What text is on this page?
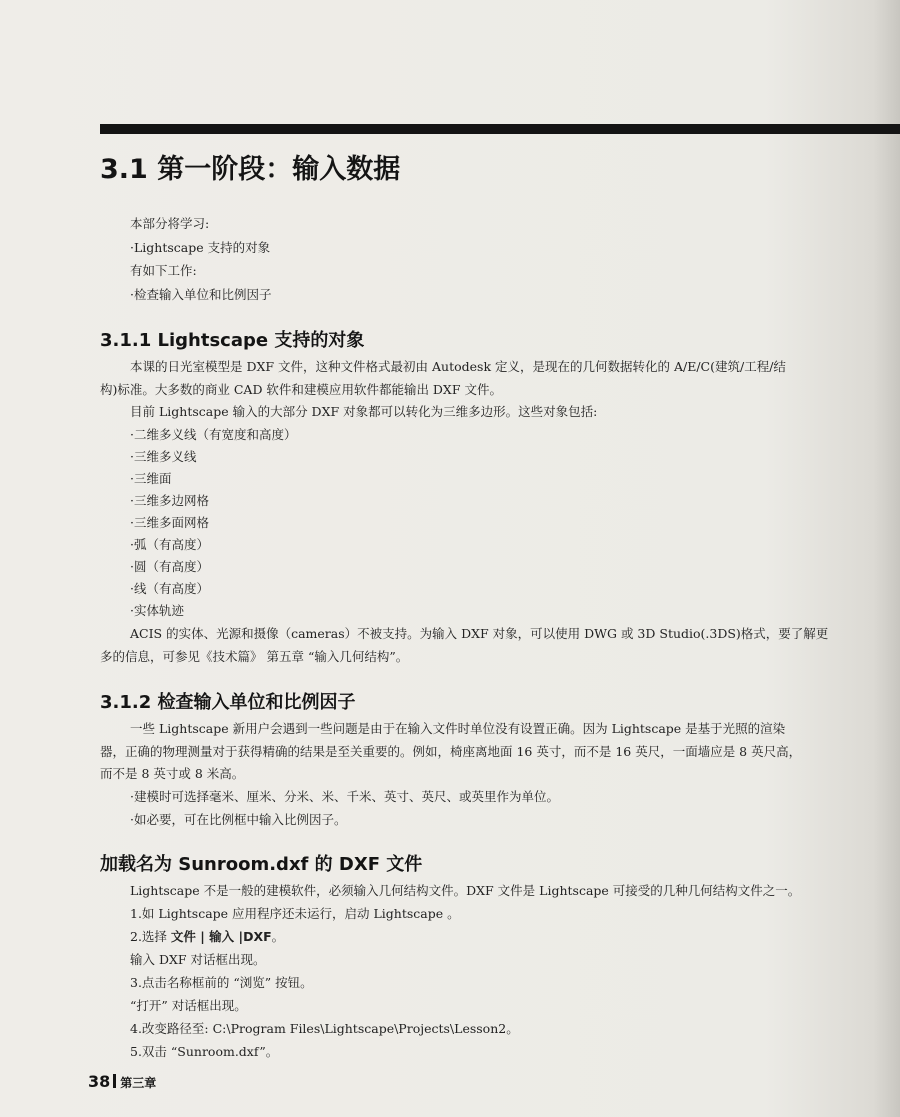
3.1 第一阶段：输入数据

本部分将学习:

·Lightscape 支持的对象

有如下工作:

·检查输入单位和比例因子

3.1.1 Lightscape 支持的对象

本课的日光室模型是 DXF 文件，这种文件格式最初由 Autodesk 定义，是现在的几何数据转化的 A/E/C(建筑/工程/结

构)标准。大多数的商业 CAD 软件和建模应用软件都能输出 DXF 文件。

目前 Lightscape 输入的大部分 DXF 对象都可以转化为三维多边形。这些对象包括:

·二维多义线（有宽度和高度）

·三维多义线

·三维面

·三维多边网格

·三维多面网格

·弧（有高度）

·圆（有高度）

·线（有高度）

·实体轨迹

ACIS 的实体、光源和摄像（cameras）不被支持。为输入 DXF 对象，可以使用 DWG 或 3D Studio(.3DS)格式，要了解更

多的信息，可参见《技术篇》 第五章 “输入几何结构”。

3.1.2 检查输入单位和比例因子

一些 Lightscape 新用户会遇到一些问题是由于在输入文件时单位没有设置正确。因为 Lightscape 是基于光照的渲染

器，正确的物理测量对于获得精确的结果是至关重要的。例如，椅座离地面 16 英寸，而不是 16 英尺，一面墙应是 8 英尺高，

而不是 8 英寸或 8 米高。

·建模时可选择毫米、厘米、分米、米、千米、英寸、英尺、或英里作为单位。

·如必要，可在比例框中输入比例因子。

加载名为 Sunroom.dxf 的 DXF 文件

Lightscape 不是一般的建模软件，必须输入几何结构文件。DXF 文件是 Lightscape 可接受的几种几何结构文件之一。

1.如 Lightscape 应用程序还未运行，启动 Lightscape 。

2.选择 文件 | 输入 |DXF。

输入 DXF 对话框出现。

3.点击名称框前的 “浏览” 按钮。

“打开” 对话框出现。

4.改变路径至: C:\Program Files\Lightscape\Projects\Lesson2。

5.双击 “Sunroom.dxf”。

38 第三章
